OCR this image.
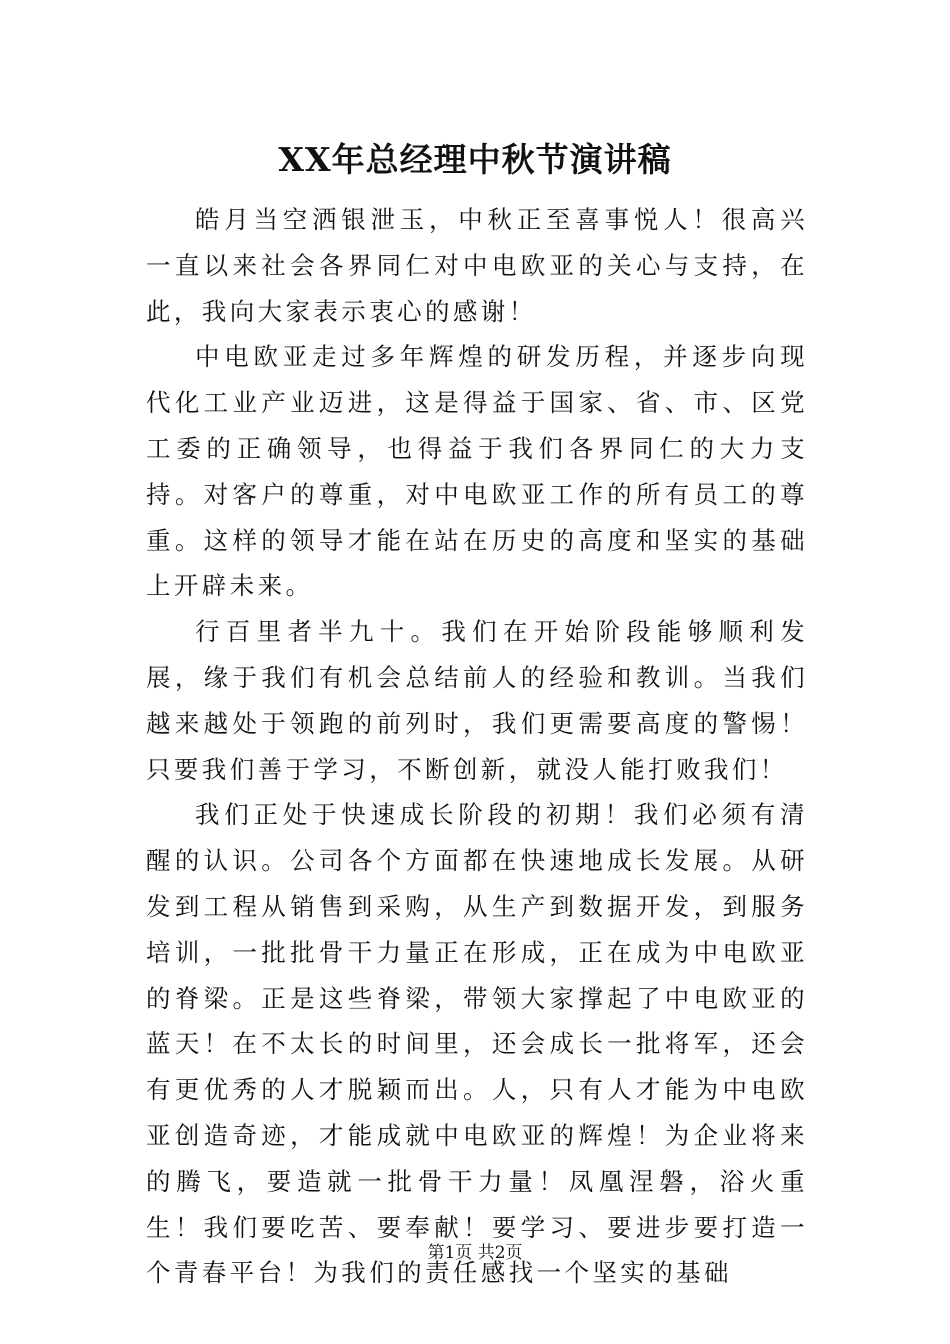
XX年总经理中秋节演讲稿

皓月当空洒银泄玉，中秋正至喜事悦人！很高兴一直以来社会各界同仁对中电欧亚的关心与支持，在此，我向大家表示衷心的感谢！

中电欧亚走过多年辉煌的研发历程，并逐步向现代化工业产业迈进，这是得益于国家、省、市、区党工委的正确领导，也得益于我们各界同仁的大力支持。对客户的尊重，对中电欧亚工作的所有员工的尊重。这样的领导才能在站在历史的高度和坚实的基础上开辟未来。

行百里者半九十。我们在开始阶段能够顺利发展，缘于我们有机会总结前人的经验和教训。当我们越来越处于领跑的前列时，我们更需要高度的警惕！只要我们善于学习，不断创新，就没人能打败我们！

我们正处于快速成长阶段的初期！我们必须有清醒的认识。公司各个方面都在快速地成长发展。从研发到工程从销售到采购，从生产到数据开发，到服务培训，一批批骨干力量正在形成，正在成为中电欧亚的脊梁。正是这些脊梁，带领大家撑起了中电欧亚的蓝天！在不太长的时间里，还会成长一批将军，还会有更优秀的人才脱颖而出。人，只有人才能为中电欧亚创造奇迹，才能成就中电欧亚的辉煌！为企业将来的腾飞，要造就一批骨干力量！凤凰涅磐，浴火重生！我们要吃苦、要奉献！要学习、要进步要打造一个青春平台！为我们的责任感找一个坚实的基础

第1页 共2页
